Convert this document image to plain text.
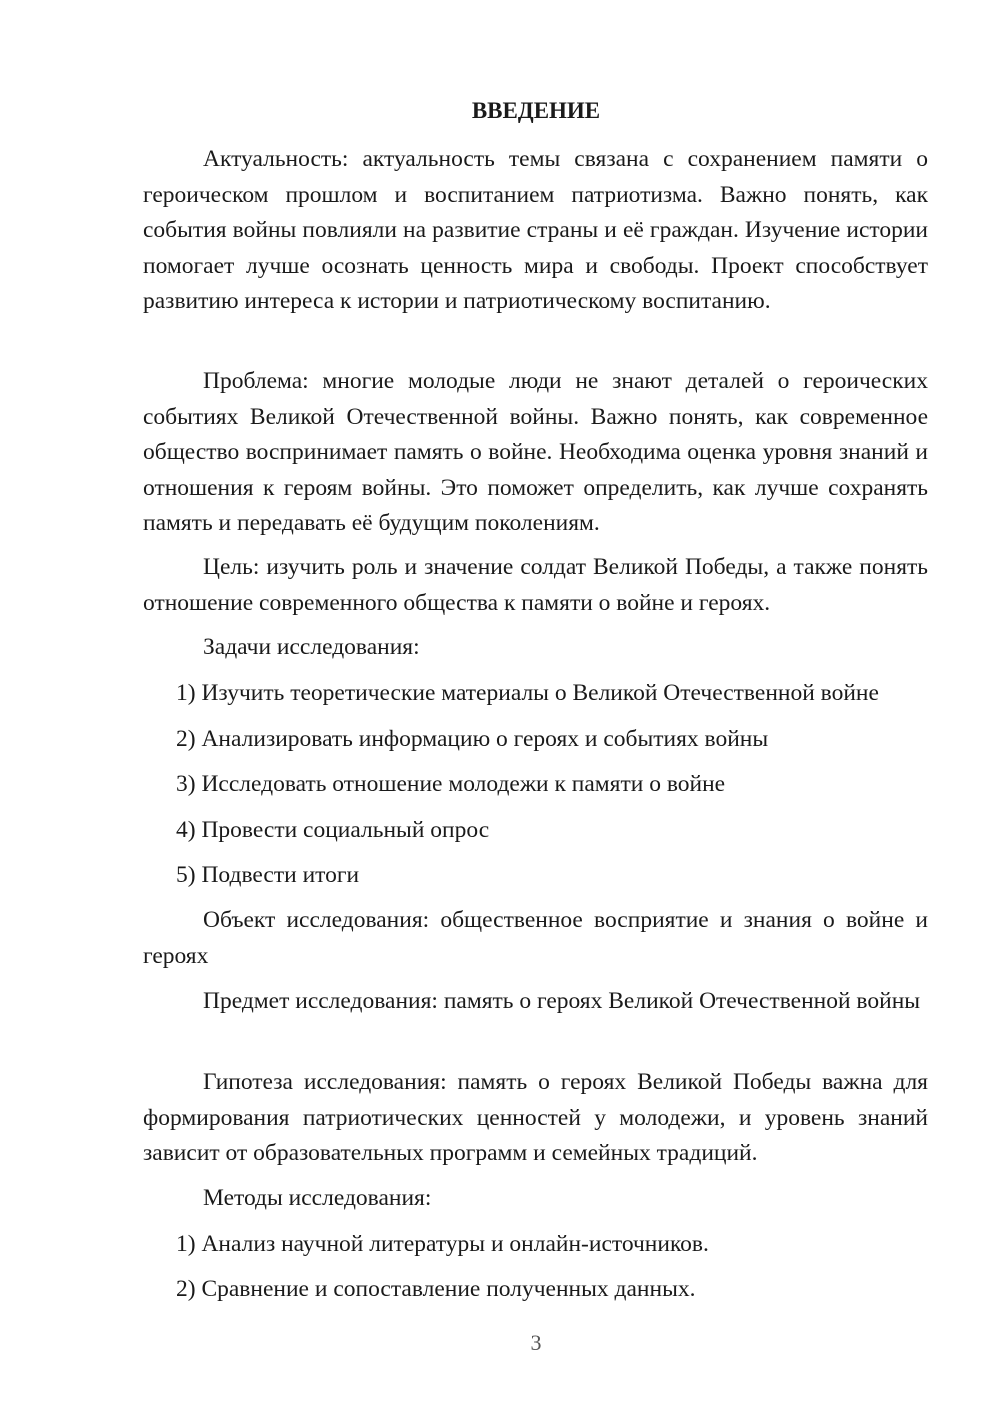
ВВЕДЕНИЕ

Актуальность: актуальность темы связана с сохранением памяти о героическом прошлом и воспитанием патриотизма. Важно понять, как события войны повлияли на развитие страны и её граждан. Изучение истории помогает лучше осознать ценность мира и свободы. Проект способствует развитию интереса к истории и патриотическому воспитанию.

Проблема: многие молодые люди не знают деталей о героических событиях Великой Отечественной войны. Важно понять, как современное общество воспринимает память о войне. Необходима оценка уровня знаний и отношения к героям войны. Это поможет определить, как лучше сохранять память и передавать её будущим поколениям.

Цель: изучить роль и значение солдат Великой Победы, а также понять отношение современного общества к памяти о войне и героях.

Задачи исследования:

1) Изучить теоретические материалы о Великой Отечественной войне

2) Анализировать информацию о героях и событиях войны

3) Исследовать отношение молодежи к памяти о войне

4) Провести социальный опрос

5) Подвести итоги

Объект исследования: общественное восприятие и знания о войне и героях

Предмет исследования: память о героях Великой Отечественной войны

Гипотеза исследования: память о героях Великой Победы важна для формирования патриотических ценностей у молодежи, и уровень знаний зависит от образовательных программ и семейных традиций.

Методы исследования:

1) Анализ научной литературы и онлайн-источников.

2) Сравнение и сопоставление полученных данных.

3
